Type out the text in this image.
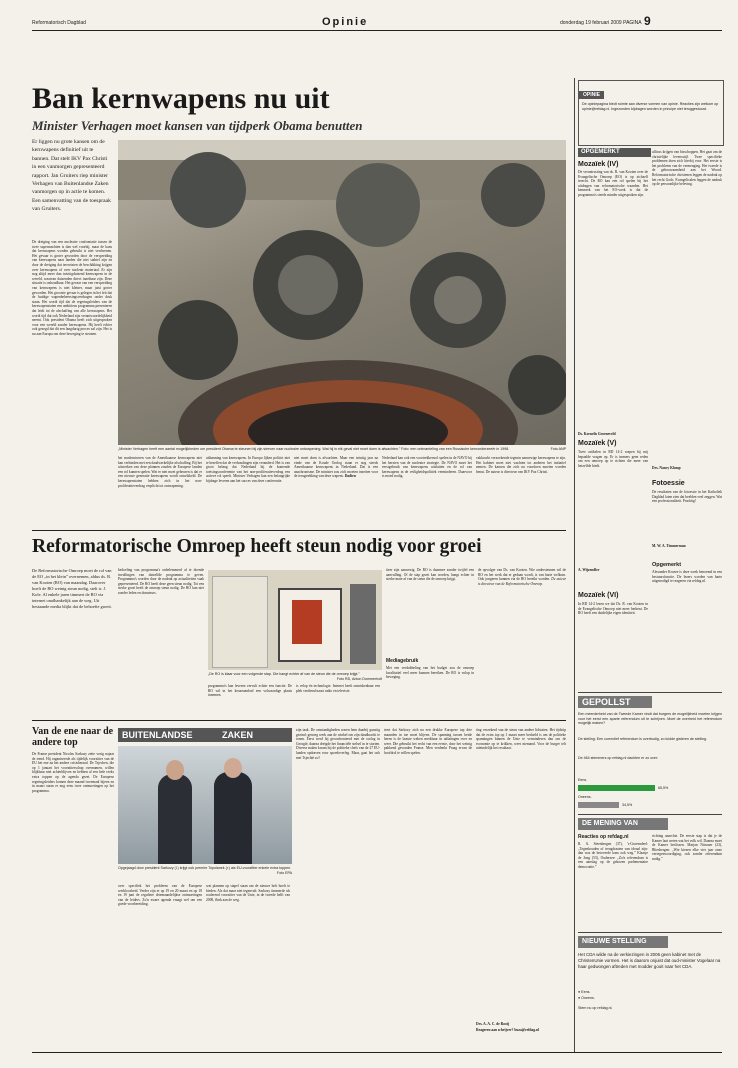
Reformatorisch Dagblad	Opinie	donderdag 19 februari 2009 PAGINA 9
Ban kernwapens nu uit
Minister Verhagen moet kansen van tijdperk Obama benutten
Er liggen nu grote kansen om de kernwapens definitief uit te bannen. Dat stelt IKV Pax Christi in een vanmorgen gepresenteerd rapport. Jan Gruiters riep minister Verhagen van Buitenlandse Zaken vanmorgen op in actie te komen. Een samenvatting van de toespraak van Gruiters.
„Minister Verhagen heeft een aantal mogelijkheden om president Obama te steunen bij zijn streven naar nucleaire ontwapening. Wat hij in elk geval niet moet doen is afwachten.” Foto: een ontmanteling van een Russische kernonderzeeër in 1998.	Foto ANP
De dreiging van een nucleaire confrontatie tussen de twee supermachten is dan wel voorbij, maar de kans dat kernwapens worden gebruikt is niet verdwenen. Het gevaar is groter geworden door de verspreiding van kernwapens naar landen die niet stabiel zijn en door de dreiging dat terroristen de beschikking krijgen over kernwapens of over nucleair materiaal. Er zijn nog altijd meer dan twintigduizend kernwapens in de wereld, waarvan duizenden direct inzetbaar zijn. Deze situatie is onhoudbaar. Het gevaar van een verspreiding van kernwapens is niet kleiner, maar juist groter geworden. Het grootste gevaar is gelegen in het feit dat de huidige wapenbeheersingsverdragen onder druk staan. Het wordt tijd dat de regeringsleiders van de kernwapenstaten een ambitieus programma presenteren dat leidt tot de afschaffing van alle kernwapens. Het wordt tijd dat ook Nederland zijn verantwoordelijkheid neemt. Ook president Obama heeft zich uitgesproken voor een wereld zonder kernwapens. Hij heeft echter ook gezegd dat dit een langdurig proces zal zijn. Het is nu aan Europa om deze beweging te steunen.
het moderniseren van de Amerikaanse kernwapens niet kan verbinden met een daadwerkelijke afschaffing. Bij het uitwerken van deze plannen zouden de Europese landen een rol kunnen spelen. Wat er niet moet gebeuren is dat er een nieuwe generatie kernwapens wordt ontwikkeld. De kernwapenstaten hebben zich in het non-proliferatieverdrag verplicht tot ontwapening.
aitbanning van kernwapens. In Europa lijken politici niet te beseffen dat de verhoudingen zijn veranderd. Het is van groot belang dat Nederland bij de komende toetsingsconferentie van het non-proliferatieverdrag een actieve rol speelt. Minister Verhagen kan een belangrijke bijdrage leveren aan het succes van deze conferentie.
niet moet doen is afwachten. Maar een twintig jaar na einde van de Koude Oorlog staan er nog steeds Amerikaanse kernwapens in Nederland. Dat is een anachronisme. De minister zou zich moeten inzetten voor de terugtrekking van deze wapens. Dadien
Nederland kan ook een voortrekkersrol spelen in de NAVO bij het herzien van de nucleaire strategie. De NAVO moet het eerstgebruik van kernwapens uitsluiten en de rol van kernwapens in de veiligheidspolitiek verminderen. Daarvoor is moed nodig.
vakkracht verzoekende tegenin aanwezige kernwapens te zijn. Het kabinet moet niet wachten tot anderen het initiatief nemen. De kansen die zich nu voordoen moeten worden benut. De auteur is directeur van IKV Pax Christi.
Reformatorische Omroep heeft steun nodig voor groei
De Reformatorische Omroep moet de rol van de EO „in het klein” overnemen, aldus ds. R. van Kooten (RO) van maandag. Daarover hoeft de RO weinig steun nodig, stelt ir. J. Kole. Al enkele jaren timmert de RO via internet onafhankelijk aan de weg. Uit bestaande media blijkt dat de behoefte groeit.
bedoeling van programma's onbelemmerd af te doende invullingen van datzelfde programma te geven. Programma's worden door de nadruk op actualiteiten vaak gepresenteerd. De RO heeft deze geen steun nodig. Tot een sterke groei heeft de omroep steun nodig. De RO kan niet zonder leden en donateurs.
„De RO is klaar voor een volgende stap. Die hangt echter af van de steun die de omroep krijgt.”
Foto RD, Anton Dommerholt
programma's kan leveren vervult echter een functie. De RO wil in het keuzeaanbod een volwaardige plaats innemen.
is velop én technologie. Internet heeft onmiskenbaar een plek verdiend naast radio en televisie.
tieer zijn aanwezig. De RO is daarmee zonder twijfel een aanvulling. Of de stap gezet kan worden, hangt echter in sterke mate af van de steun die de omroep krijgt.
Mediagebruik
Met een verdubbeling van het budget zou de omroep kwalitatief veel meer kunnen bereiken. De RO is volop in beweging.
de opvolger van Ds. van Kooten. Wie ondersteunen wil de RO en het werk dat er gedaan wordt, is van harte welkom. Ook jongeren kunnen via de RO bereikt worden. De auteur is directeur van de Reformatorische Omroep.
Van de ene naar de andere top
De Franse president Nicolas Sarkozy zette vorig najaar de trend. Hij organiseerde als tijdelijk voorzitter van de EU het ene na het andere crisisberaad. De Tsjechen, die op 1 januari het voorzitterschap overnamen, willen blijkbaar niet achterblijven en hebben al een hele reeks extra toppen op de agenda gezet. De Europese regeringsleiders komen deze maand tweemaal bijeen en in maart staan er nog eens twee ontmoetingen op het programma.
BUITENLANDSE	ZAKEN
Opgejaagd door president Sarkozy (l.) krijgt ook premier Topolanek (r.) als EU-voorzitter enkele extra toppen.
Foto EPA
over specifiek het probleem van de Europese werkloosheid. Verder zijn er op 19 en 20 maart en op 18 en 19 juni de reguliere driemaandelijkse ontmoetingen van de leiders. Zo'n zware agenda vraagt wel om een goede voorbereiding.
wat plannen op stapel staan om de nieuwe heft hoeft te bieden. Als dat maar niet tegenvalt. Sarkozy timmerde als roulerend voorzitter van de Unie, in de tweede helft van 2008, flink aan de weg.
zijn taak. De omstandigheden waren hem daarbij gunstig gezind; genoeg werk aan de winkel om zijn daadkracht te tonen. Eerst werd hij geconfronteerd met de oorlog in Georgië, daarna dreigde het financiële stelsel in te storten. Diverse malen kwam hij de politieke chefs van de 27 EU-landen opdraven voor spoedoverleg. Maar, gaat het ook met Tsjechië zo?
teert dat Sarkozy zich na een drukke Europese top drie maanden in toe moet blijven. De spanning tussen beide heren is de laatste weken merkbaar in uitlatingen over en weer. Die gebruikt het recht van een eerste, door het weinig pakkend gevonden Franse. Men verdenkt Praag ervan de hoofdrol te willen spelen.
ting verzekerd van de steun van andere lidstaten. Het tijdstip dat de extra top op 1 maart meer bedoeld is om de politieke spanningen binnen de Unie te verminderen dan om de economie op te krikken, weet niemand. Voor de burger telt uiteindelijk het resultaat.
Drs. A. A. C. de Rooij
Reageren aan schrijver? buza@refdag.nl
OPINIE
De opiniepagina biedt ruimte aan diverse vormen van opinie. Reacties zijn welkom op opinie@refdag.nl. Ingezonden bijdragen worden in principe niet teruggestuurd.
OPGEMERKT
Mozaïek (IV)
De verontrusting van ds. R. van Kooten over de Evangelische Omroep (EO) is op zichzelf terecht. De RO kan een rol spelen bij het uitdragen van reformatorische waarden. Het kenmerk van het EO-werk is dat de programma's steeds minder uitgesproken zijn.
Ds. Kornelis Groeneveld
Mozaïek (V)
Twee artikelen in RD 14-2 roepen bij mij bepaalde vragen op. Er is immers geen reden om een omroep op te richten die meer van hetzelfde biedt.
A. Wijzendler
Mozaïek (VI)
In RD 14-2 lezen we dat Ds. R. van Kooten in de Evangelische Omroep niet meer herkent. De RO heeft een duidelijke eigen identiteit.
ullicus krijgen van bisschoppen. Het gaat om de christelijke levensstijl. Twee specifieke problemen doen zich hierbij voor. Het eerste is het probleem van de vermenging. Het tweede is de gehoorzaamheid aan het Woord. Reformatorische christenen leggen de nadruk op het recht Gods. Evangelicalen leggen de nadruk op de persoonlijke beleving.
Drs. Nancy Klomp
Fotoessie
De resultaten van de fotoessie in het Katholiek Dagblad laten zien dat beelden veel zeggen. Wat een professionaliteit. Prachtig!
M. W. A. Timmerman
Opgemerkt
Alexander Kroeze is deze week benoemd in een bestuursfunctie. De lezers worden van harte uitgenodigd te reageren via refdag.nl.
GEPOLLST
Een meerderheid van de Tweede Kamer vindt dat burgers de mogelijkheid moeten krijgen voor het eerst een aparte referendum uit te schrijven. Moet de overheid het referendum mogelijk maken?
De stelling: Een correctief referendum is overbodig, zo luidde gisteren de stelling.
De 464 stemmers op refdag.nl dachten er zo over:
Eens.
65,5%
Oneens.
34,5%
DE MENING VAN
Reacties op refdag.nl
R. A. Steenbergen (37), 's-Gravendeel: „Tegenhouden of terugdraaien van ideaal zijn: dan was de betoverde kans ook weg.” Klaasje de Jong (53), Ouderzee: „Zo'n referendum is een aanslag op de gekozen parlementaire democratie.”
richting anarchie. De eerste stap is dat je de Kamer laat weten wat het volk wil. Daarna moet de Kamer beslissen. Marjan Nitrauer (23), Bliesbergen: „Wie kiezen elke vier jaar onze vertegenwoordiging, ook zonder referendum nodig.”
NIEUWE STELLING
Het CDA wilde na de verkiezingen in 2006 geen kabinet met de ChristenUnie vormen. Het is daarom onjuist dat oud-minister Vogelaar na haar gedwongen aftreden met modder gooit naar het CDA.
● Eens.
● Oneens.
Stem nu op refdag.nl.
